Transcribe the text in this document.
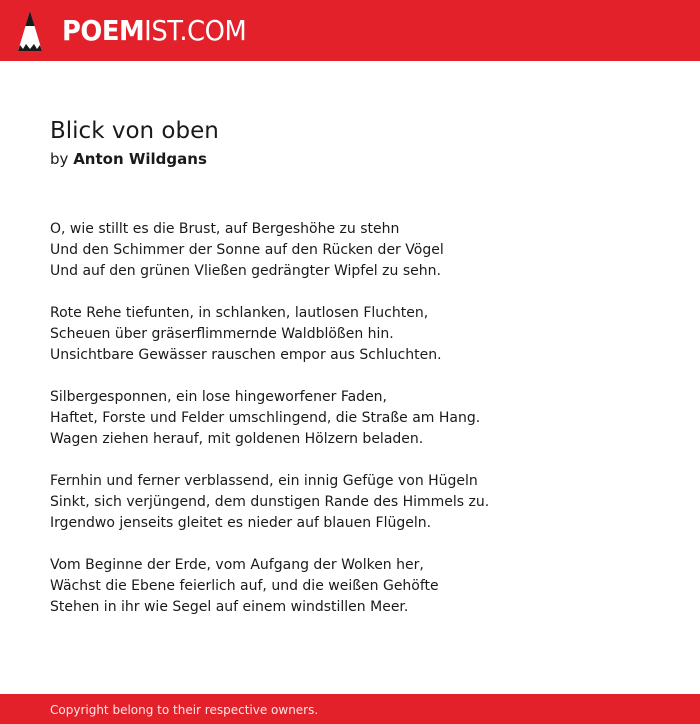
POEMIST.COM
Blick von oben
by Anton Wildgans
O, wie stillt es die Brust, auf Bergeshöhe zu stehn
Und den Schimmer der Sonne auf den Rücken der Vögel
Und auf den grünen Vließen gedrängter Wipfel zu sehn.
Rote Rehe tiefunten, in schlanken, lautlosen Fluchten,
Scheuen über gräserflimmernde Waldblößen hin.
Unsichtbare Gewässer rauschen empor aus Schluchten.
Silbergesponnen, ein lose hingeworfener Faden,
Haftet, Forste und Felder umschlingend, die Straße am Hang.
Wagen ziehen herauf, mit goldenen Hölzern beladen.
Fernhin und ferner verblassend, ein innig Gefüge von Hügeln
Sinkt, sich verjüngend, dem dunstigen Rande des Himmels zu.
Irgendwo jenseits gleitet es nieder auf blauen Flügeln.
Vom Beginne der Erde, vom Aufgang der Wolken her,
Wächst die Ebene feierlich auf, und die weißen Gehöfte
Stehen in ihr wie Segel auf einem windstillen Meer.
Copyright belong to their respective owners.
